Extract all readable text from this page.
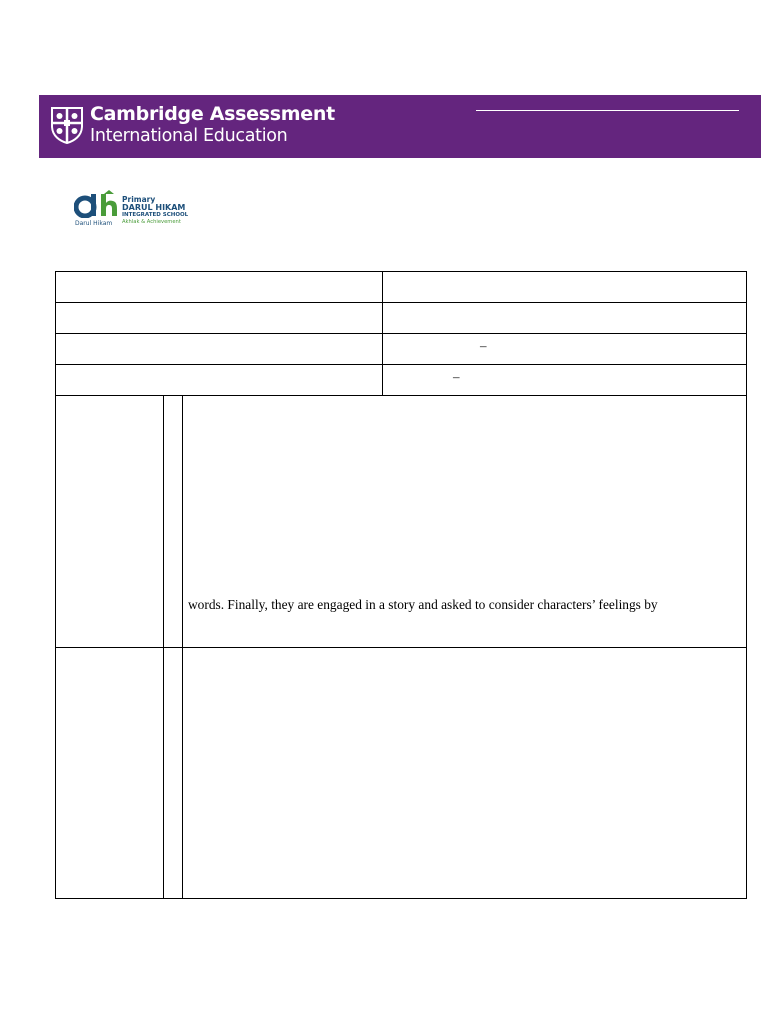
Cambridge Assessment
International Education
Darul Hikam
Primary
DARUL HIKAM
INTEGRATED SCHOOL
Akhlak & Achievement
–
–
words. Finally, they are engaged in a story and asked to consider characters’ feelings by
